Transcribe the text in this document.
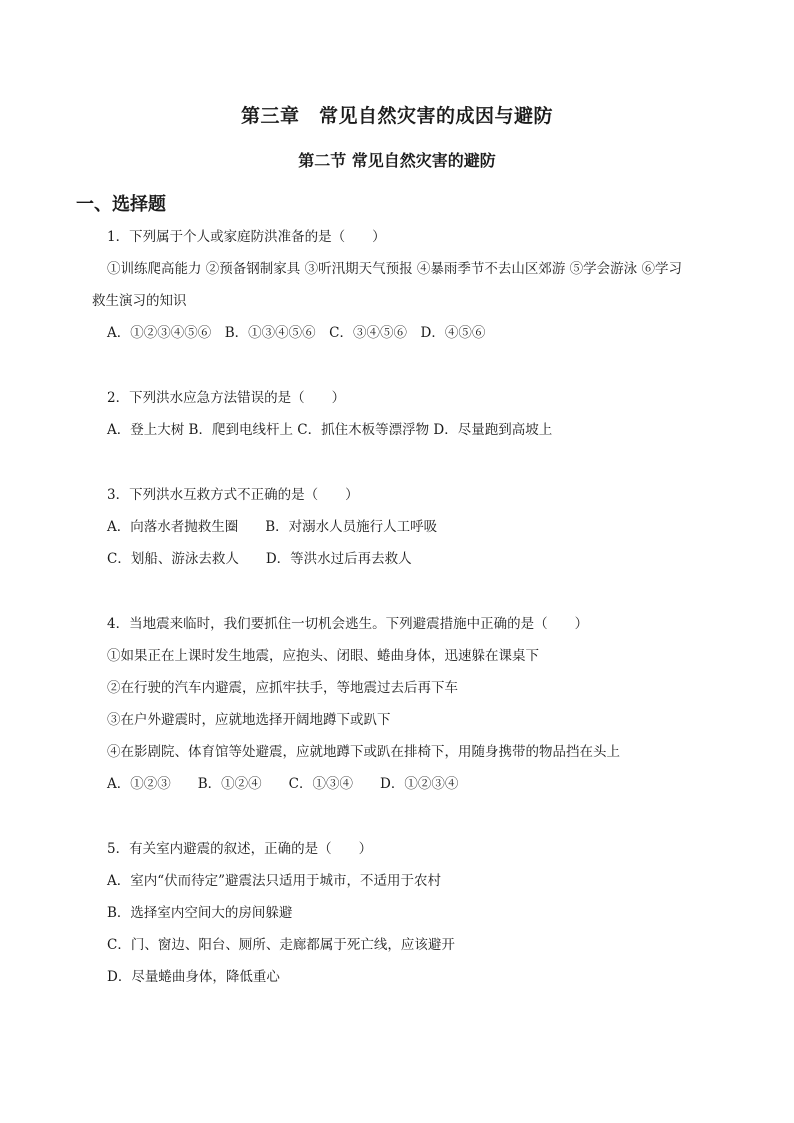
第三章　常见自然灾害的成因与避防
第二节 常见自然灾害的避防
一、选择题
1．下列属于个人或家庭防洪准备的是（　　）
①训练爬高能力 ②预备钢制家具 ③听汛期天气预报 ④暴雨季节不去山区郊游 ⑤学会游泳 ⑥学习
救生演习的知识
A．①②③④⑤⑥　B．①③④⑤⑥　C．③④⑤⑥　D．④⑤⑥
2．下列洪水应急方法错误的是（　　）
A．登上大树 B．爬到电线杆上 C．抓住木板等漂浮物 D．尽量跑到高坡上
3．下列洪水互救方式不正确的是（　　）
A．向落水者抛救生圈　　B．对溺水人员施行人工呼吸
C．划船、游泳去救人　　D．等洪水过后再去救人
4．当地震来临时，我们要抓住一切机会逃生。下列避震措施中正确的是（　　）
①如果正在上课时发生地震，应抱头、闭眼、蜷曲身体，迅速躲在课桌下
②在行驶的汽车内避震，应抓牢扶手，等地震过去后再下车
③在户外避震时，应就地选择开阔地蹲下或趴下
④在影剧院、体育馆等处避震，应就地蹲下或趴在排椅下，用随身携带的物品挡在头上
A．①②③　　B．①②④　　C．①③④　　D．①②③④
5．有关室内避震的叙述，正确的是（　　）
A．室内“伏而待定”避震法只适用于城市，不适用于农村
B．选择室内空间大的房间躲避
C．门、窗边、阳台、厕所、走廊都属于死亡线，应该避开
D．尽量蜷曲身体，降低重心
